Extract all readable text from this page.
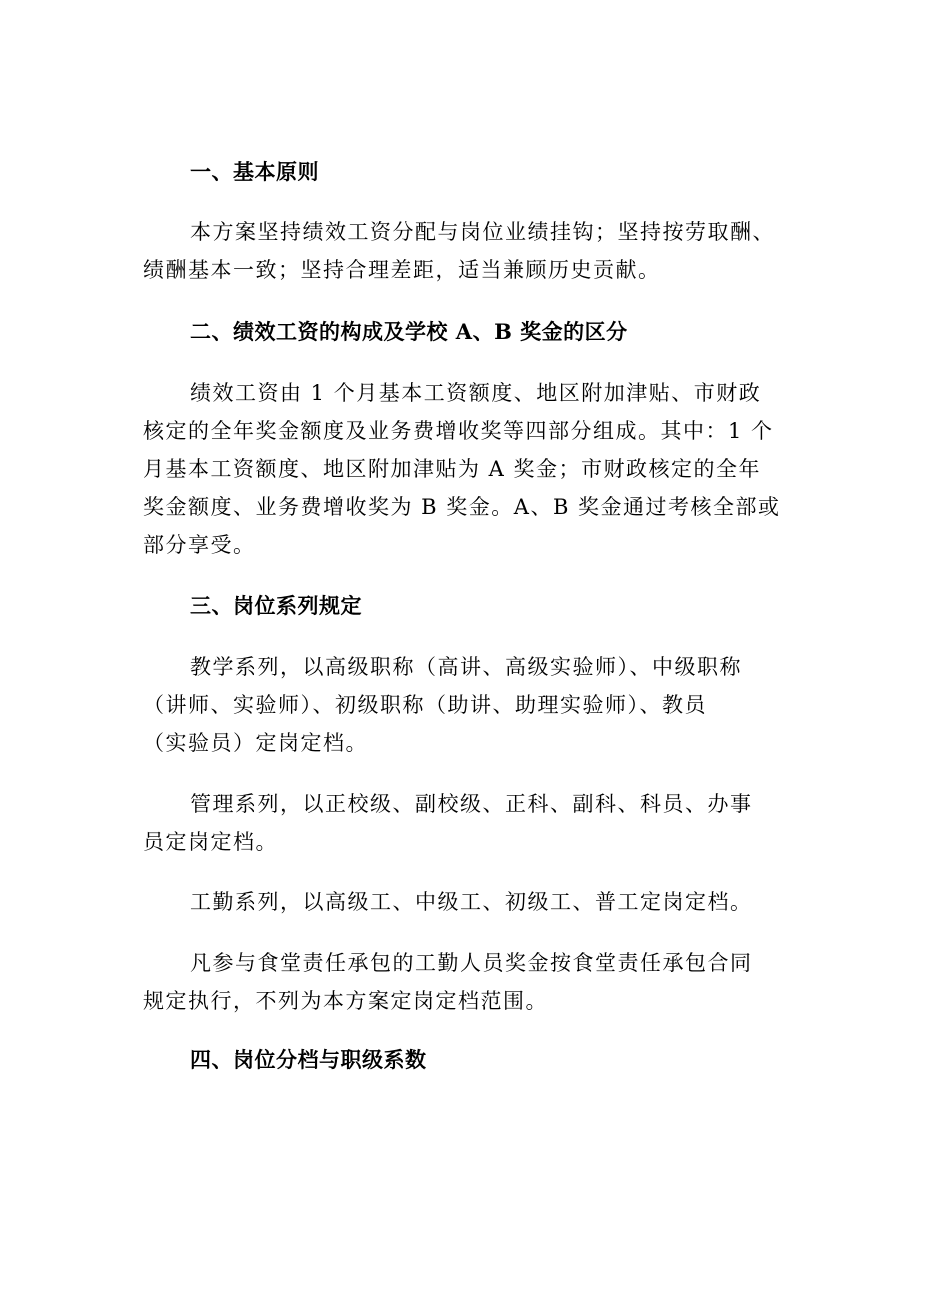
一、基本原则

本方案坚持绩效工资分配与岗位业绩挂钩；坚持按劳取酬、
绩酬基本一致；坚持合理差距，适当兼顾历史贡献。

二、绩效工资的构成及学校 A、B 奖金的区分

绩效工资由 1 个月基本工资额度、地区附加津贴、市财政
核定的全年奖金额度及业务费增收奖等四部分组成。其中：1 个
月基本工资额度、地区附加津贴为 A 奖金；市财政核定的全年
奖金额度、业务费增收奖为 B 奖金。A、B 奖金通过考核全部或
部分享受。

三、岗位系列规定

教学系列，以高级职称（高讲、高级实验师）、中级职称
（讲师、实验师）、初级职称（助讲、助理实验师）、教员
（实验员）定岗定档。

管理系列，以正校级、副校级、正科、副科、科员、办事
员定岗定档。

工勤系列，以高级工、中级工、初级工、普工定岗定档。

凡参与食堂责任承包的工勤人员奖金按食堂责任承包合同
规定执行，不列为本方案定岗定档范围。

四、岗位分档与职级系数
